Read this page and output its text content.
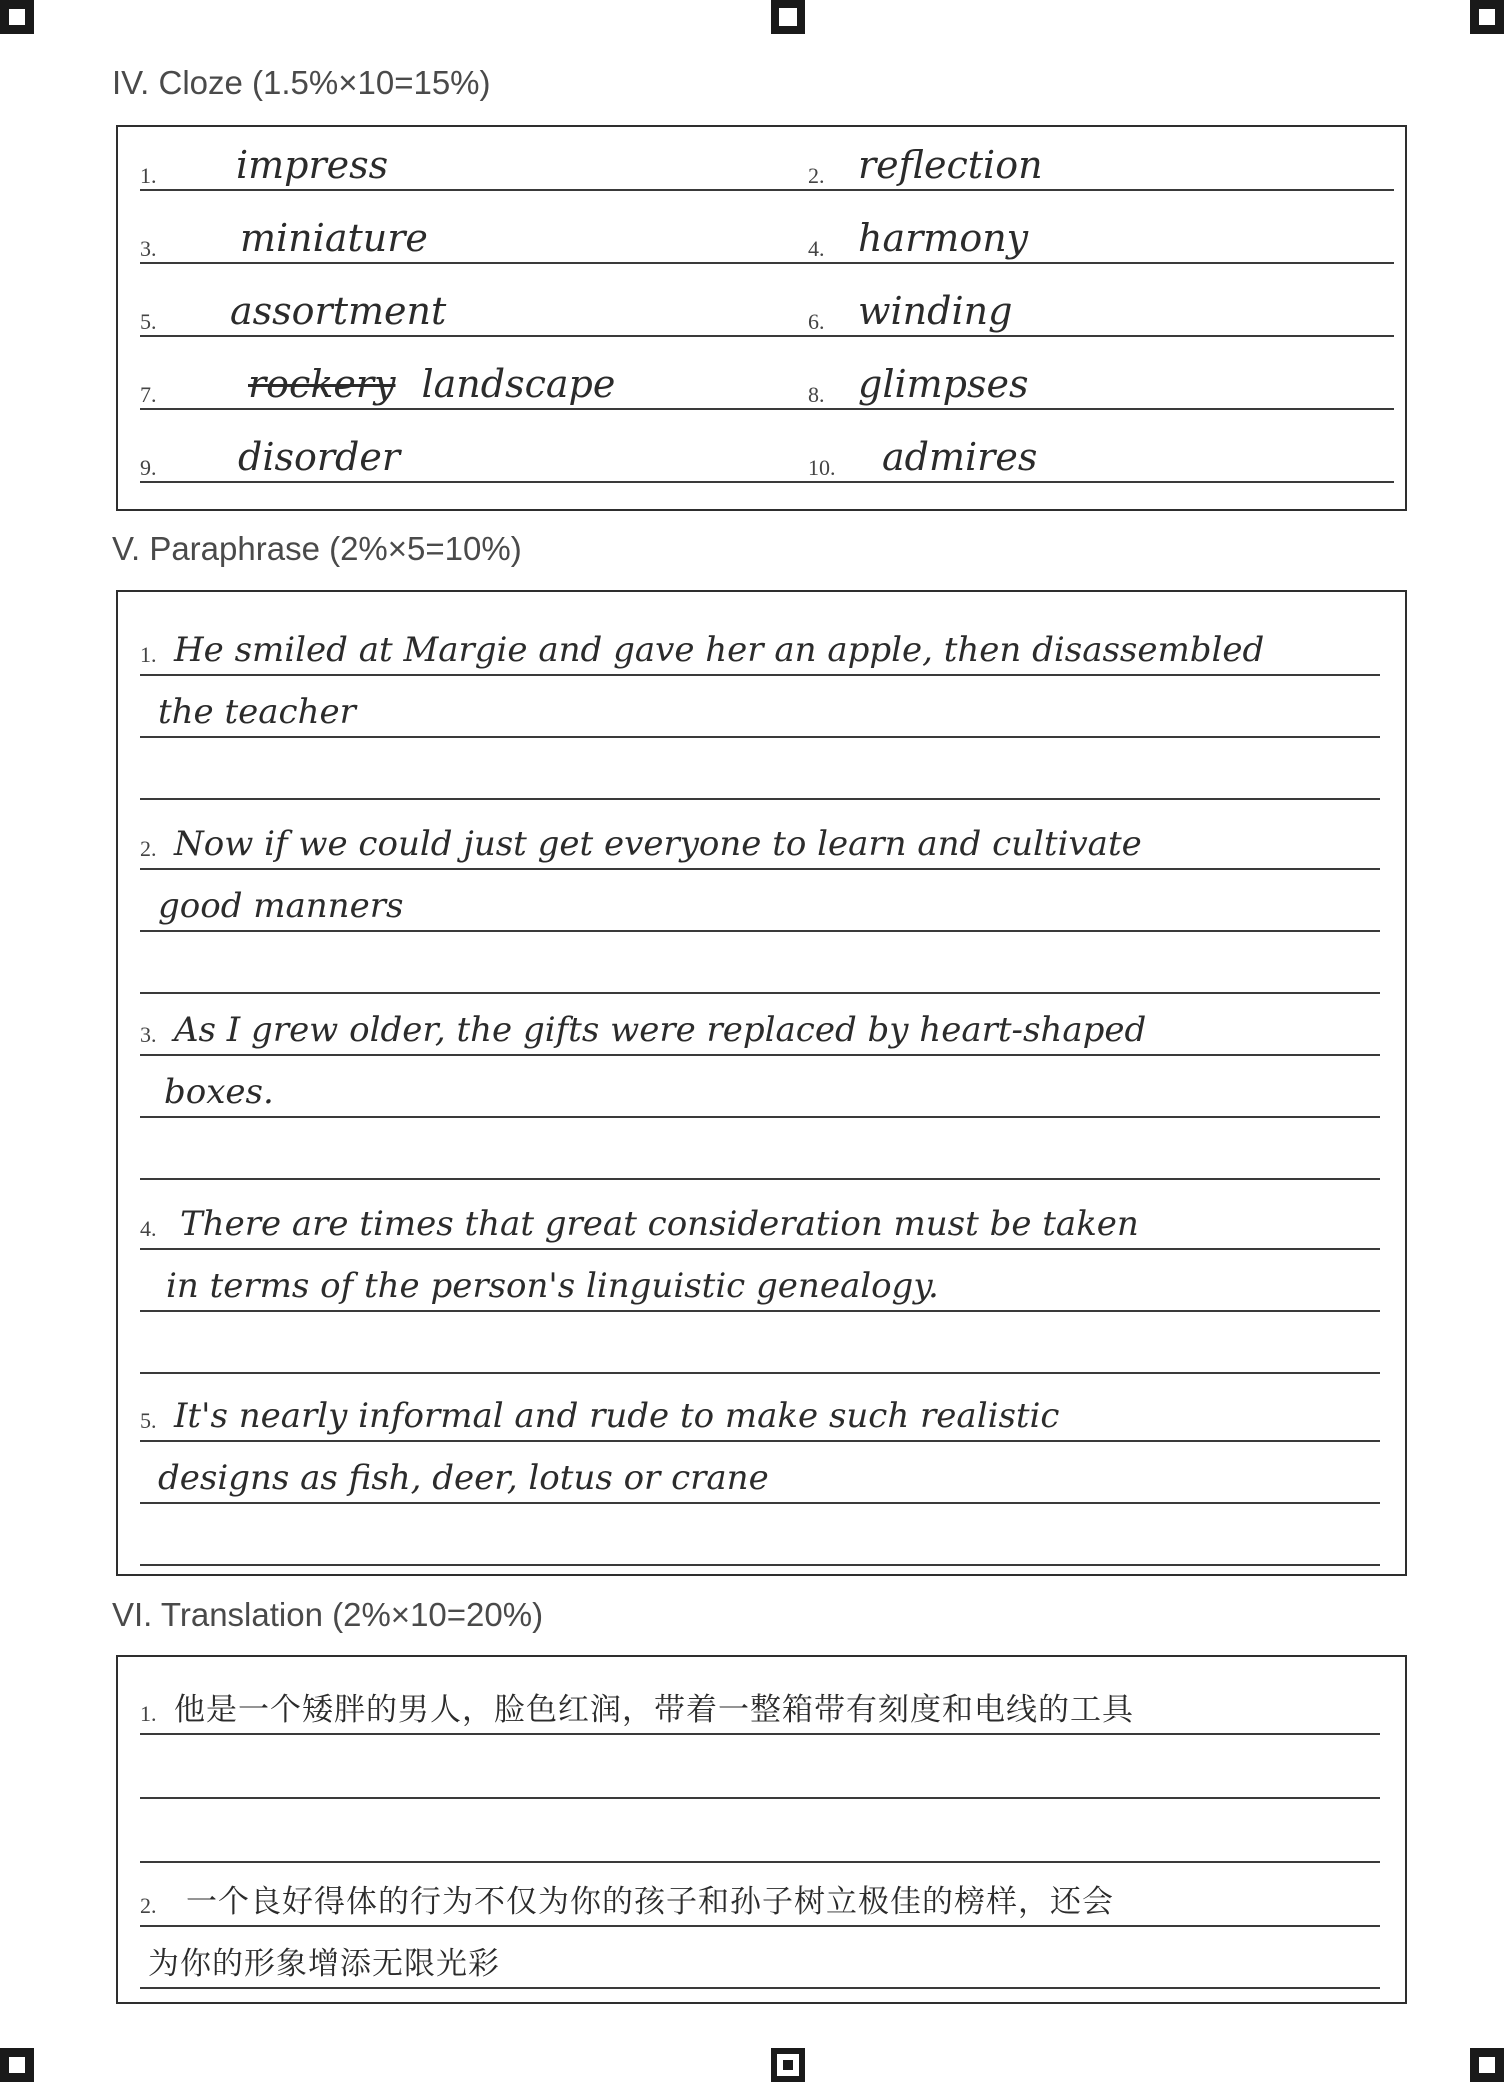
IV. Cloze (1.5%×10=15%)
1. impress	2. reflection
3. miniature	4. harmony
5. assortment	6. winding
7. rockery landscape	8. glimpses
9. disorder	10. admires
V. Paraphrase (2%×5=10%)
1. He smiled at Margie and gave her an apple, then disassembled
the teacher
2. Now if we could just get everyone to learn and cultivate
good manners
3. As I grew older, the gifts were replaced by heart-shaped
boxes.
4. There are times that great consideration must be taken
in terms of the person's linguistic genealogy.
5. It's nearly informal and rude to make such realistic
designs as fish, deer, lotus or crane
VI. Translation (2%×10=20%)
1. 他是一个矮胖的男人，脸色红润，带着一整箱带有刻度和电线的工具
2. 一个良好得体的行为不仅为你的孩子和孙子树立极佳的榜样，还会
为你的形象增添无限光彩
